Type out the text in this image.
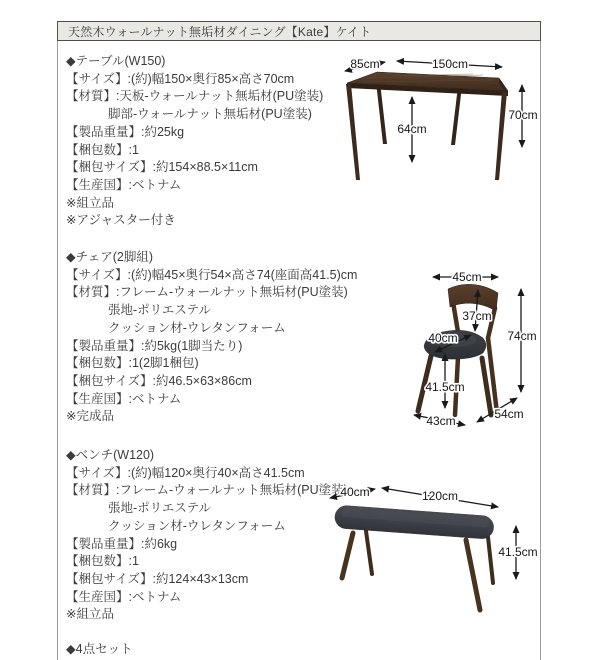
天然木ウォールナット無垢材ダイニング【Kate】ケイト
◆テーブル(W150)
【サイズ】:(約)幅150×奥行85×高さ70cm
【材質】:天板-ウォールナット無垢材(PU塗装)
脚部-ウォールナット無垢材(PU塗装)
【製品重量】:約25kg
【梱包数】:1
【梱包サイズ】:約154×88.5×11cm
【生産国】:ベトナム
※組立品
※アジャスター付き
◆チェア(2脚組)
【サイズ】:(約)幅45×奥行54×高さ74(座面高41.5)cm
【材質】:フレーム-ウォールナット無垢材(PU塗装)
張地-ポリエステル
クッション材-ウレタンフォーム
【製品重量】:約5kg(1脚当たり)
【梱包数】:1(2脚1梱包)
【梱包サイズ】:約46.5×63×86cm
【生産国】:ベトナム
※完成品
◆ベンチ(W120)
【サイズ】:(約)幅120×奥行40×高さ41.5cm
【材質】:フレーム-ウォールナット無垢材(PU塗装)
張地-ポリエステル
クッション材-ウレタンフォーム
【製品重量】:約6kg
【梱包数】:1
【梱包サイズ】:約124×43×13cm
【生産国】:ベトナム
※組立品
◆4点セット
85cm	150cm
70cm
64cm
45cm
37cm
74cm
41.5cm
40cm
43cm	54cm
40cm	120cm
41.5cm
